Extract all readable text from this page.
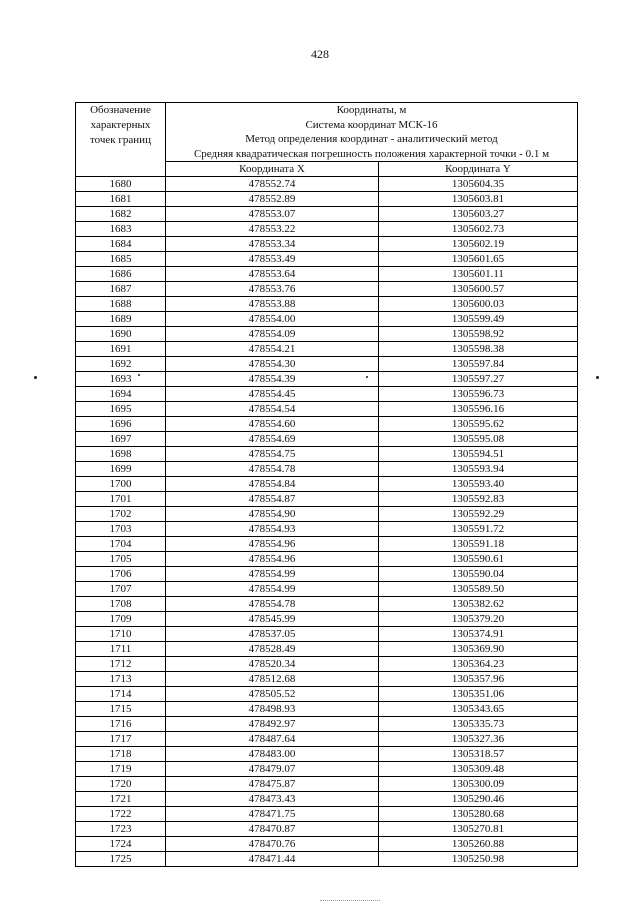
428
Обозначение
характерных
точек границ	Координаты, м
Система координат МСК-16
Метод определения координат - аналитический метод
Средняя квадратическая погрешность положения характерной точки - 0.1 м	

	Координата X	Координата Y
1680	478552.74	1305604.35
1681	478552.89	1305603.81
1682	478553.07	1305603.27
1683	478553.22	1305602.73
1684	478553.34	1305602.19
1685	478553.49	1305601.65
1686	478553.64	1305601.11
1687	478553.76	1305600.57
1688	478553.88	1305600.03
1689	478554.00	1305599.49
1690	478554.09	1305598.92
1691	478554.21	1305598.38
1692	478554.30	1305597.84
1693	478554.39	1305597.27
1694	478554.45	1305596.73
1695	478554.54	1305596.16
1696	478554.60	1305595.62
1697	478554.69	1305595.08
1698	478554.75	1305594.51
1699	478554.78	1305593.94
1700	478554.84	1305593.40
1701	478554.87	1305592.83
1702	478554.90	1305592.29
1703	478554.93	1305591.72
1704	478554.96	1305591.18
1705	478554.96	1305590.61
1706	478554.99	1305590.04
1707	478554.99	1305589.50
1708	478554.78	1305382.62
1709	478545.99	1305379.20
1710	478537.05	1305374.91
1711	478528.49	1305369.90
1712	478520.34	1305364.23
1713	478512.68	1305357.96
1714	478505.52	1305351.06
1715	478498.93	1305343.65
1716	478492.97	1305335.73
1717	478487.64	1305327.36
1718	478483.00	1305318.57
1719	478479.07	1305309.48
1720	478475.87	1305300.09
1721	478473.43	1305290.46
1722	478471.75	1305280.68
1723	478470.87	1305270.81
1724	478470.76	1305260.88
1725	478471.44	1305250.98
